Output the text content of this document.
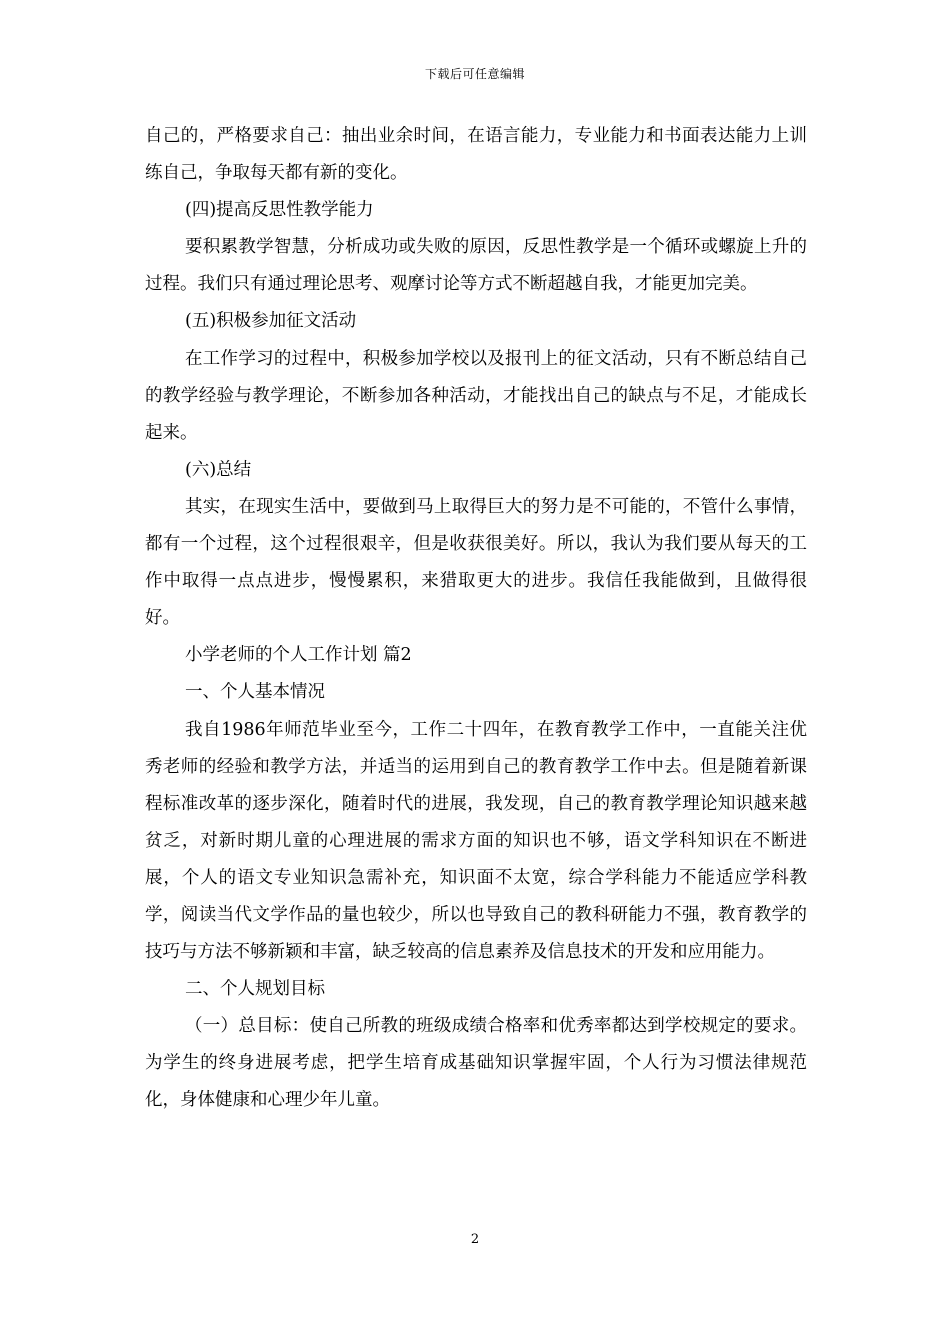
下载后可任意编辑

自己的，严格要求自己：抽出业余时间，在语言能力，专业能力和书面表达能力上训练自己，争取每天都有新的变化。

(四)提高反思性教学能力

要积累教学智慧，分析成功或失败的原因，反思性教学是一个循环或螺旋上升的过程。我们只有通过理论思考、观摩讨论等方式不断超越自我，才能更加完美。

(五)积极参加征文活动

在工作学习的过程中，积极参加学校以及报刊上的征文活动，只有不断总结自己的教学经验与教学理论，不断参加各种活动，才能找出自己的缺点与不足，才能成长起来。

(六)总结

其实，在现实生活中，要做到马上取得巨大的努力是不可能的，不管什么事情，都有一个过程，这个过程很艰辛，但是收获很美好。所以，我认为我们要从每天的工作中取得一点点进步，慢慢累积，来猎取更大的进步。我信任我能做到，且做得很好。

小学老师的个人工作计划 篇2

一、个人基本情况

我自1986年师范毕业至今，工作二十四年，在教育教学工作中，一直能关注优秀老师的经验和教学方法，并适当的运用到自己的教育教学工作中去。但是随着新课程标准改革的逐步深化，随着时代的进展，我发现，自己的教育教学理论知识越来越贫乏，对新时期儿童的心理进展的需求方面的知识也不够，语文学科知识在不断进展，个人的语文专业知识急需补充，知识面不太宽，综合学科能力不能适应学科教学，阅读当代文学作品的量也较少，所以也导致自己的教科研能力不强，教育教学的技巧与方法不够新颖和丰富，缺乏较高的信息素养及信息技术的开发和应用能力。

二、个人规划目标

（一）总目标：使自己所教的班级成绩合格率和优秀率都达到学校规定的要求。为学生的终身进展考虑，把学生培育成基础知识掌握牢固，个人行为习惯法律规范化，身体健康和心理少年儿童。

2
